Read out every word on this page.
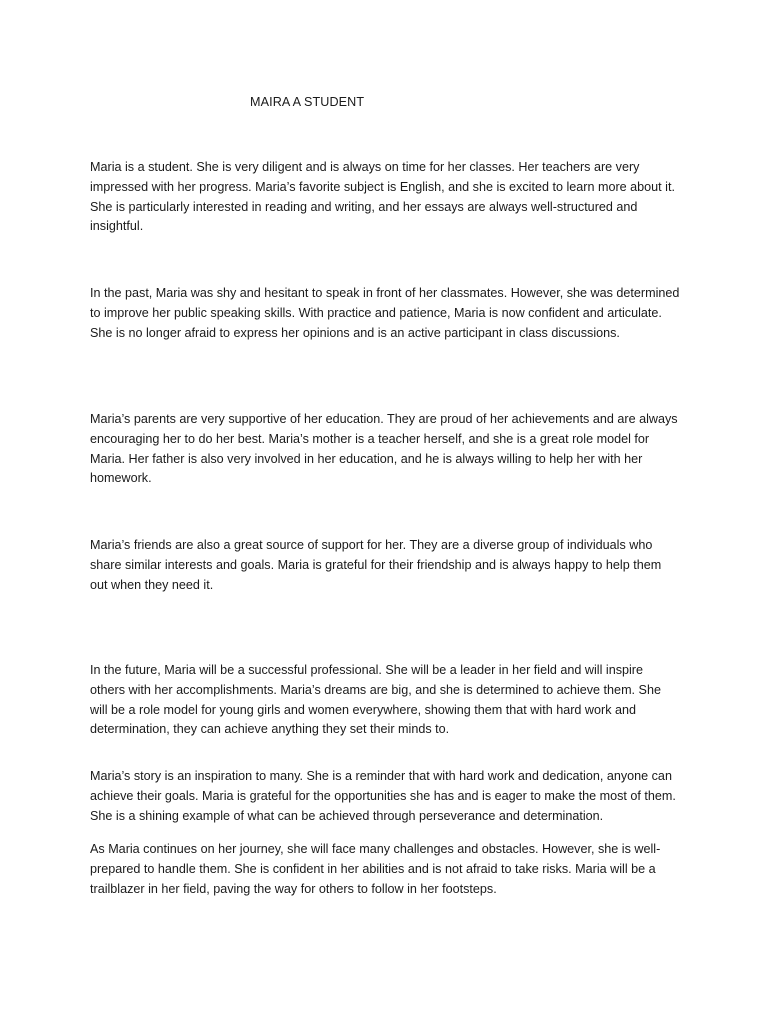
MAIRA A STUDENT

Maria is a student. She is very diligent and is always on time for her classes. Her teachers are very impressed with her progress. Maria’s favorite subject is English, and she is excited to learn more about it. She is particularly interested in reading and writing, and her essays are always well-structured and insightful.

In the past, Maria was shy and hesitant to speak in front of her classmates. However, she was determined to improve her public speaking skills. With practice and patience, Maria is now confident and articulate. She is no longer afraid to express her opinions and is an active participant in class discussions.

Maria’s parents are very supportive of her education. They are proud of her achievements and are always encouraging her to do her best. Maria’s mother is a teacher herself, and she is a great role model for Maria. Her father is also very involved in her education, and he is always willing to help her with her homework.

Maria’s friends are also a great source of support for her. They are a diverse group of individuals who share similar interests and goals. Maria is grateful for their friendship and is always happy to help them out when they need it.

In the future, Maria will be a successful professional. She will be a leader in her field and will inspire others with her accomplishments. Maria’s dreams are big, and she is determined to achieve them. She will be a role model for young girls and women everywhere, showing them that with hard work and determination, they can achieve anything they set their minds to.

Maria’s story is an inspiration to many. She is a reminder that with hard work and dedication, anyone can achieve their goals. Maria is grateful for the opportunities she has and is eager to make the most of them. She is a shining example of what can be achieved through perseverance and determination.

As Maria continues on her journey, she will face many challenges and obstacles. However, she is well-prepared to handle them. She is confident in her abilities and is not afraid to take risks. Maria will be a trailblazer in her field, paving the way for others to follow in her footsteps.
